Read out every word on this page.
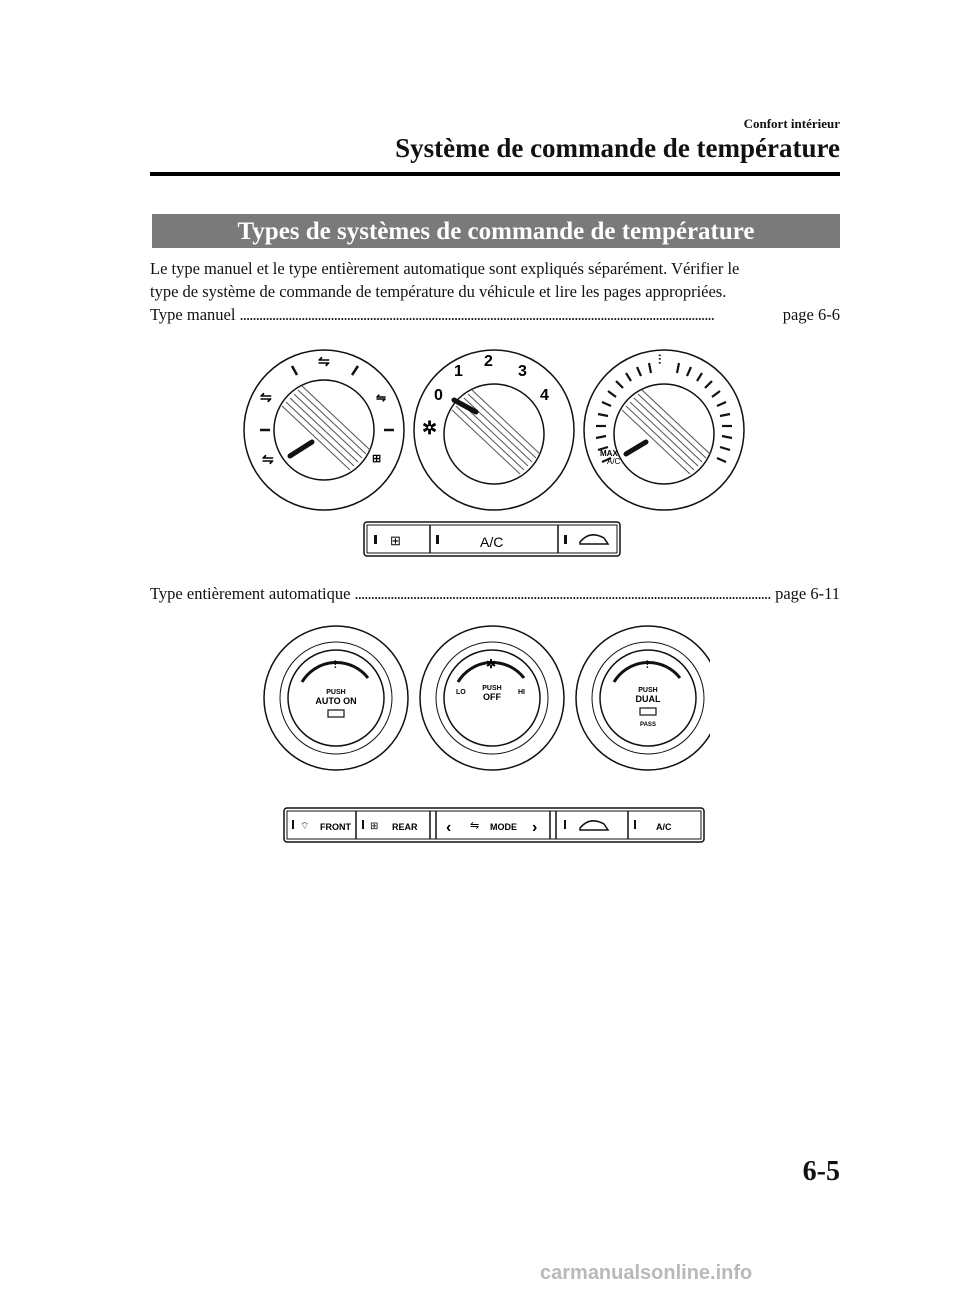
Confort intérieur
Système de commande de température
Types de systèmes de commande de température
Le type manuel et le type entièrement automatique sont expliqués séparément. Vérifier le
type de système de commande de température du véhicule et lire les pages appropriées.
Type manuel . . .	page 6-6
⇋
⇋	⇋
⇋	⊞
0
1
2
3
4
✲
⫶
MAX
A/C
⊞	A/C
Type entièrement automatique . . .	page 6-11
⫶
PUSH
AUTO ON
✲
PUSH
OFF
LO	HI
⫶
PUSH
DUAL
PASS
⌔ FRONT ⊞ REAR ‹ ⇋ MODE ›	A/C
6-5
carmanualsonline.info
